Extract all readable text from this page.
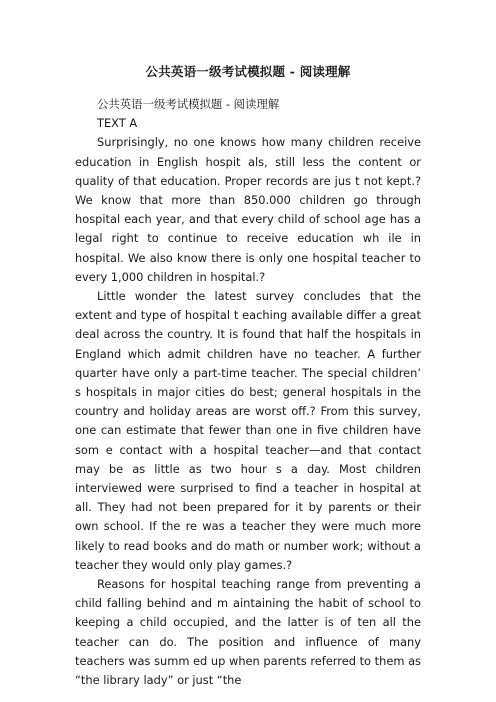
公共英语一级考试模拟题 - 阅读理解

公共英语一级考试模拟题 - 阅读理解

TEXT A

Surprisingly, no one knows how many children receive education in English hospit als, still less the content or quality of that education. Proper records are jus t not kept.? We know that more than 850.000 children go through hospital each year, and that every child of school age has a legal right to continue to receive education wh ile in hospital. We also know there is only one hospital teacher to every 1,000 children in hospital.?

Little wonder the latest survey concludes that the extent and type of hospital t eaching available differ a great deal across the country. It is found that half the hospitals in England which admit children have no teacher. A further quarter have only a part-time teacher. The special children’ s hospitals in major cities do best; general hospitals in the country and holiday areas are worst off.? From this survey, one can estimate that fewer than one in five children have som e contact with a hospital teacher—and that contact may be as little as two hour s a day. Most children interviewed were surprised to find a teacher in hospital at all. They had not been prepared for it by parents or their own school. If the re was a teacher they were much more likely to read books and do math or number work; without a teacher they would only play games.?

Reasons for hospital teaching range from preventing a child falling behind and m aintaining the habit of school to keeping a child occupied, and the latter is of ten all the teacher can do. The position and influence of many teachers was summ ed up when parents referred to them as “the library lady” or just “the
